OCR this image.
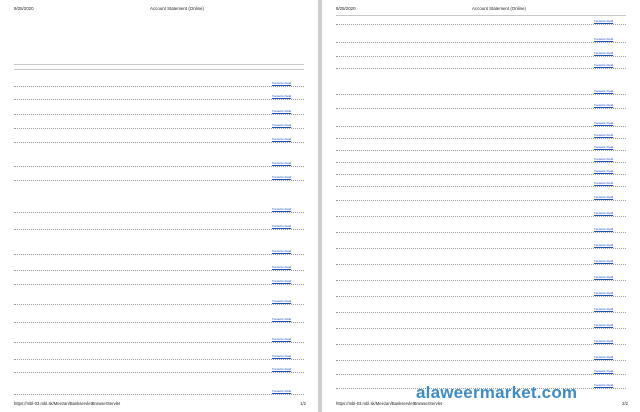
9/25/2020	Account Statement (Online)
https://mbl-03.mbl.sk/Meezan/BankservletBrowserServlet	1/2
Transaction Detail
Transaction Detail
Transaction Detail
Transaction Detail
Transaction Detail
Transaction Detail
Transaction Detail
Transaction Detail
Transaction Detail
Transaction Detail
Transaction Detail
Transaction Detail
Transaction Detail
Transaction Detail
Transaction Detail
Transaction Detail
Transaction Detail
Transaction Detail
9/25/2020	Account Statement (Online)
https://mbl-03.mbl.sk/Meezan/BankservletBrowserServlet	2/2
Transaction Detail
Transaction Detail
Transaction Detail
Transaction Detail
Transaction Detail
Transaction Detail
Transaction Detail
Transaction Detail
Transaction Detail
Transaction Detail
Transaction Detail
Transaction Detail
Transaction Detail
Transaction Detail
Transaction Detail
Transaction Detail
Transaction Detail
Transaction Detail
Transaction Detail
Transaction Detail
Transaction Detail
Transaction Detail
Transaction Detail
Transaction Detail
Transaction Detail
alaweermarket.com
